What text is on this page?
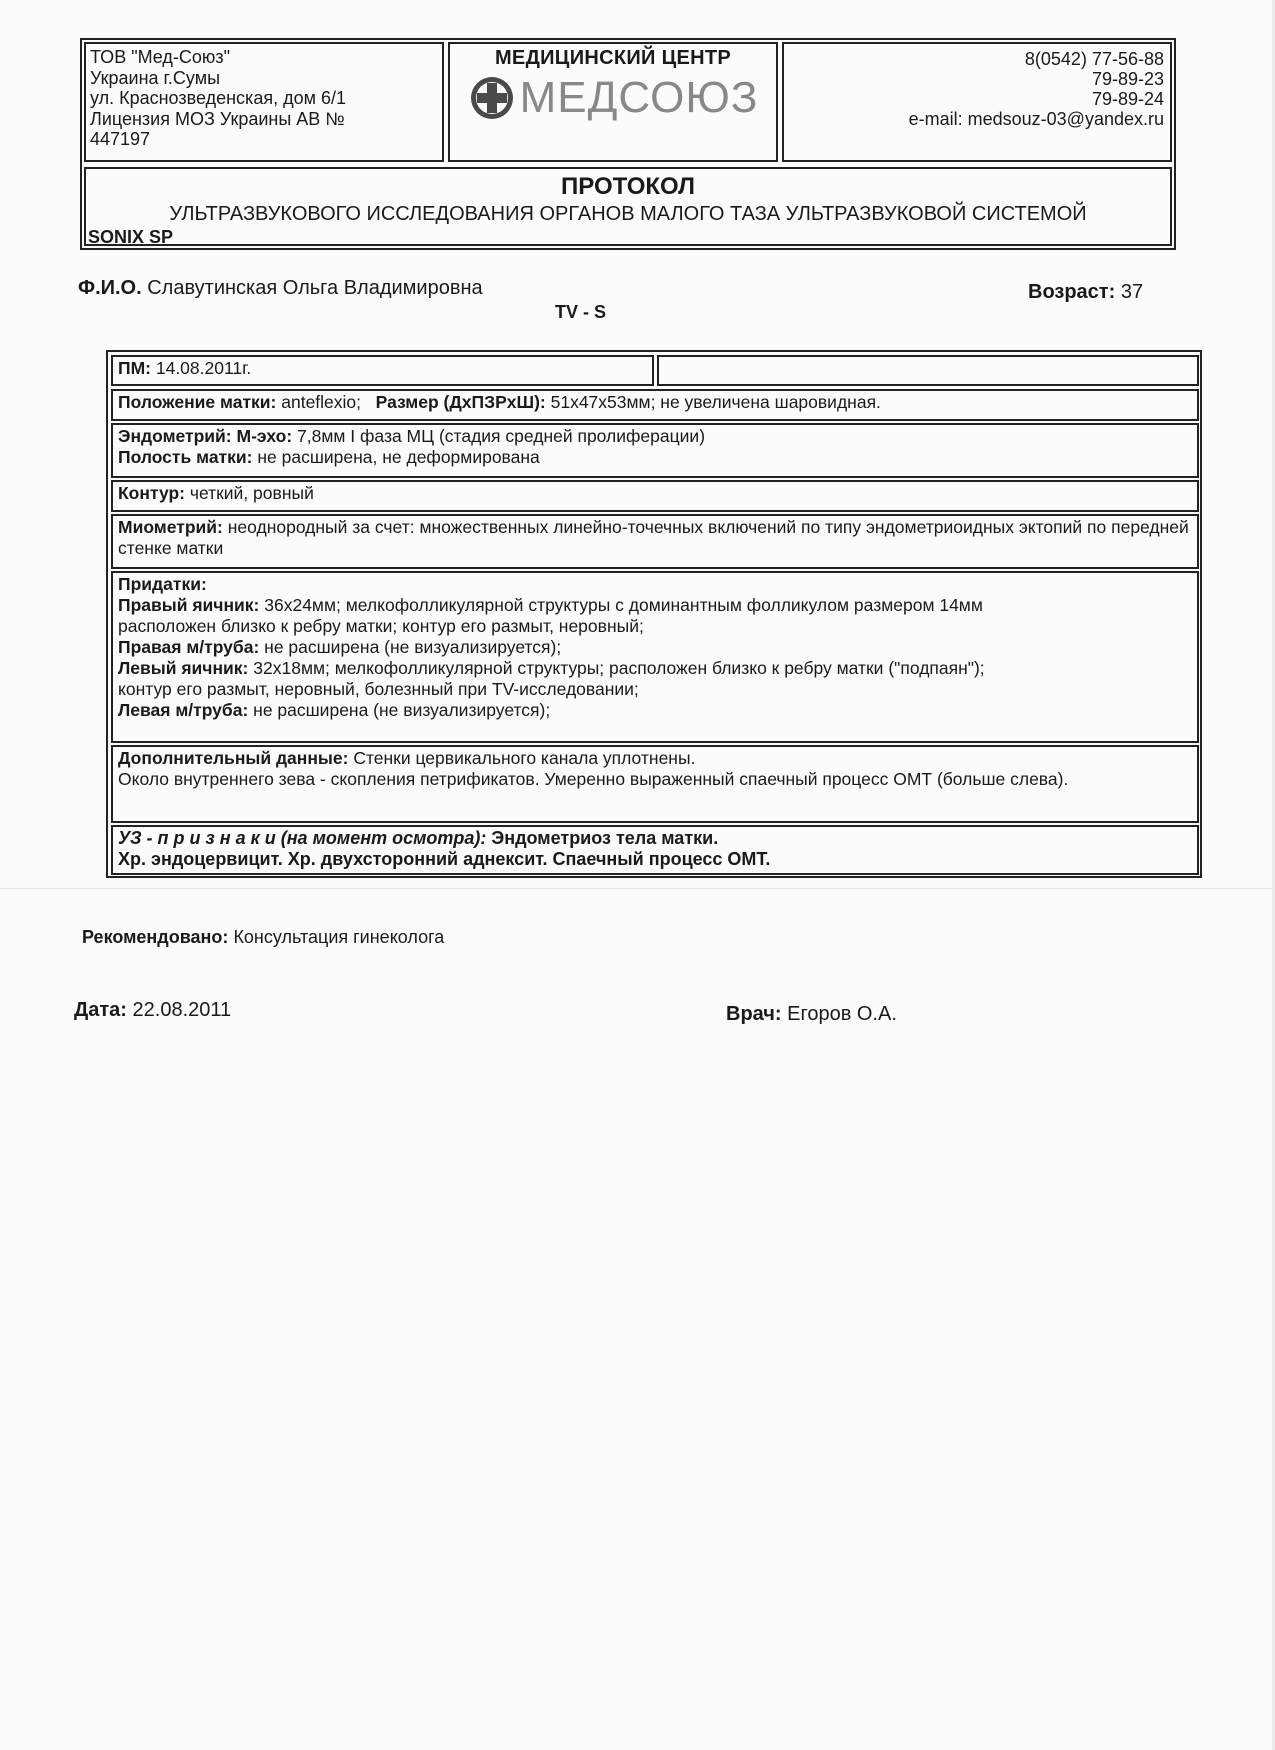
ТОВ "Мед-Союз"
Украина г.Сумы
ул. Краснозведенская, дом 6/1
Лицензия МОЗ Украины АВ №
447197
МЕДИЦИНСКИЙ ЦЕНТР
МЕДСОЮЗ
8(0542) 77-56-88
79-89-23
79-89-24
e-mail: medsouz-03@yandex.ru
ПРОТОКОЛ
УЛЬТРАЗВУКОВОГО ИССЛЕДОВАНИЯ ОРГАНОВ МАЛОГО ТАЗА УЛЬТРАЗВУКОВОЙ СИСТЕМОЙ
SONIX SP
Ф.И.О. Славутинская Ольга Владимировна	Возраст: 37
TV - S
ПМ: 14.08.2011г.
Положение матки: anteflexio; Размер (ДхПЗРхШ): 51х47х53мм; не увеличена шаровидная.
Эндометрий: М-эхо: 7,8мм I фаза МЦ (стадия средней пролиферации)
Полость матки: не расширена, не деформирована
Контур: четкий, ровный
Миометрий: неоднородный за счет: множественных линейно-точечных включений по типу эндометриоидных эктопий по передней стенке матки
Придатки:
Правый яичник: 36х24мм; мелкофолликулярной структуры с доминантным фолликулом размером 14мм
расположен близко к ребру матки; контур его размыт, неровный;
Правая м/труба: не расширена (не визуализируется);
Левый яичник: 32х18мм; мелкофолликулярной структуры; расположен близко к ребру матки ("подпаян");
контур его размыт, неровный, болезнный при TV-исследовании;
Левая м/труба: не расширена (не визуализируется);
Дополнительный данные: Стенки цервикального канала уплотнены.
Около внутреннего зева - скопления петрификатов. Умеренно выраженный спаечный процесс ОМТ (больше слева).
УЗ - п р и з н а к и (на момент осмотра): Эндометриоз тела матки.
Хр. эндоцервицит. Хр. двухсторонний аднексит. Спаечный процесс ОМТ.
Рекомендовано: Консультация гинеколога
Дата: 22.08.2011	Врач: Егоров О.А.
